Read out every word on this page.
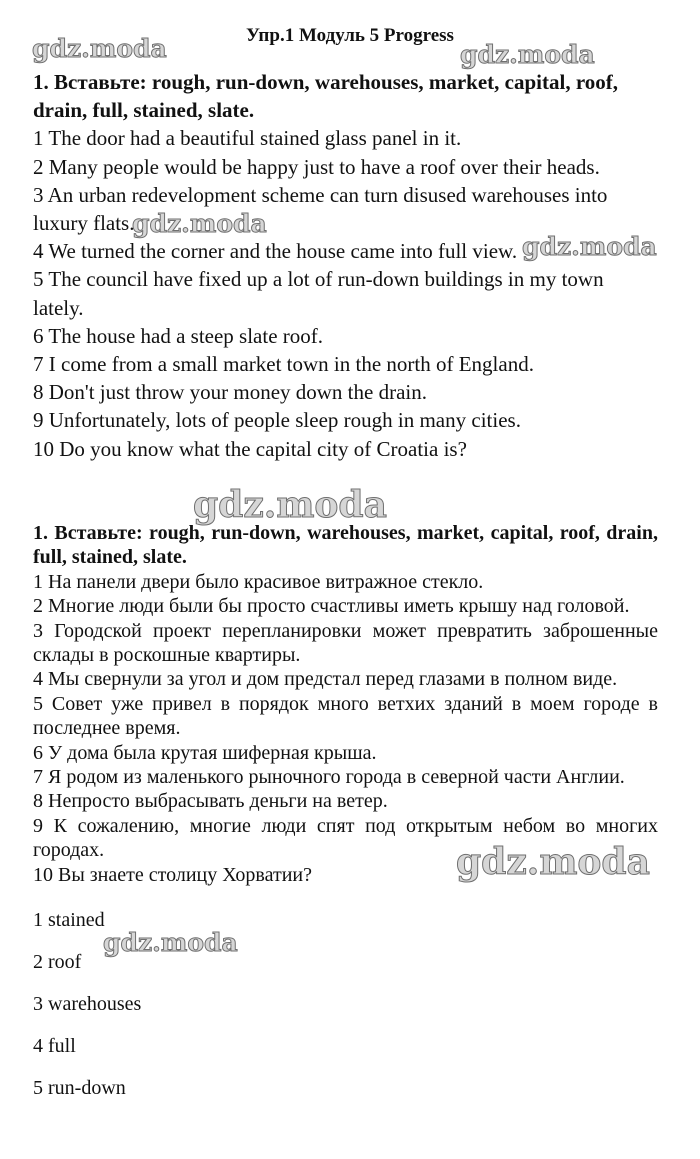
Упр.1 Модуль 5 Progress
1. Вставьте: rough, run-down, warehouses, market, capital, roof, drain, full, stained, slate.
1 The door had a beautiful stained glass panel in it.
2 Many people would be happy just to have a roof over their heads.
3 An urban redevelopment scheme can turn disused warehouses into luxury flats.
4 We turned the corner and the house came into full view.
5 The council have fixed up a lot of run-down buildings in my town lately.
6 The house had a steep slate roof.
7 I come from a small market town in the north of England.
8 Don't just throw your money down the drain.
9 Unfortunately, lots of people sleep rough in many cities.
10 Do you know what the capital city of Croatia is?
1. Вставьте: rough, run-down, warehouses, market, capital, roof, drain, full, stained, slate.
1 На панели двери было красивое витражное стекло.
2 Многие люди были бы просто счастливы иметь крышу над головой.
3 Городской проект перепланировки может превратить заброшенные склады в роскошные квартиры.
4 Мы свернули за угол и дом предстал перед глазами в полном виде.
5 Совет уже привел в порядок много ветхих зданий в моем городе в последнее время.
6 У дома была крутая шиферная крыша.
7 Я родом из маленького рыночного города в северной части Англии.
8 Непросто выбрасывать деньги на ветер.
9 К сожалению, многие люди спят под открытым небом во многих городах.
10 Вы знаете столицу Хорватии?
1 stained
2 roof
3 warehouses
4 full
5 run-down
gdz.moda	gdz.moda
gdz.moda
gdz.moda
gdz.moda
gdz.moda
gdz.moda
